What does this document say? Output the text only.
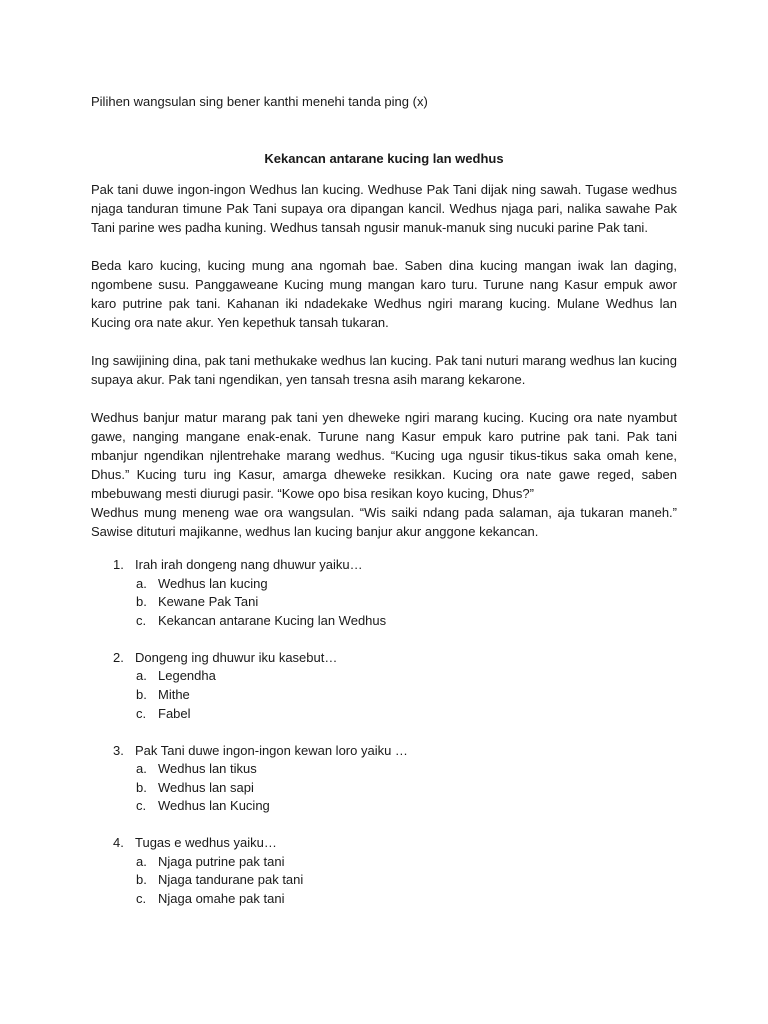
Pilihen wangsulan sing bener kanthi menehi tanda ping (x)
Kekancan antarane kucing lan wedhus

Pak tani duwe ingon-ingon Wedhus lan kucing. Wedhuse Pak Tani dijak ning sawah. Tugase wedhus njaga tanduran timune Pak Tani supaya ora dipangan kancil. Wedhus njaga pari, nalika sawahe Pak Tani parine wes padha kuning. Wedhus tansah ngusir manuk-manuk sing nucuki parine Pak tani.

Beda karo kucing, kucing mung ana ngomah bae. Saben dina kucing mangan iwak lan daging, ngombene susu. Panggaweane Kucing mung mangan karo turu. Turune nang Kasur empuk awor karo putrine pak tani. Kahanan iki ndadekake Wedhus ngiri marang kucing. Mulane Wedhus lan Kucing ora nate akur. Yen kepethuk tansah tukaran.

Ing sawijining dina, pak tani methukake wedhus lan kucing. Pak tani nuturi marang wedhus lan kucing supaya akur. Pak tani ngendikan, yen tansah tresna asih marang kekarone.

Wedhus banjur matur marang pak tani yen dheweke ngiri marang kucing. Kucing ora nate nyambut gawe, nanging mangane enak-enak. Turune nang Kasur empuk karo putrine pak tani. Pak tani mbanjur ngendikan njlentrehake marang wedhus. “Kucing uga ngusir tikus-tikus saka omah kene, Dhus.” Kucing turu ing Kasur, amarga dheweke resikkan. Kucing ora nate gawe reged, saben mbebuwang mesti diurugi pasir. “Kowe opo bisa resikan koyo kucing, Dhus?”

Wedhus mung meneng wae ora wangsulan. “Wis saiki ndang pada salaman, aja tukaran maneh.” Sawise dituturi majikanne, wedhus lan kucing banjur akur anggone kekancan.

1. Irah irah dongeng nang dhuwur yaiku…
a. Wedhus lan kucing
b. Kewane Pak Tani
c. Kekancan antarane Kucing lan Wedhus
2. Dongeng ing dhuwur iku kasebut…
a. Legendha
b. Mithe
c. Fabel
3. Pak Tani duwe ingon-ingon kewan loro yaiku …
a. Wedhus lan tikus
b. Wedhus lan sapi
c. Wedhus lan Kucing
4. Tugas e wedhus yaiku…
a. Njaga putrine pak tani
b. Njaga tandurane pak tani
c. Njaga omahe pak tani
